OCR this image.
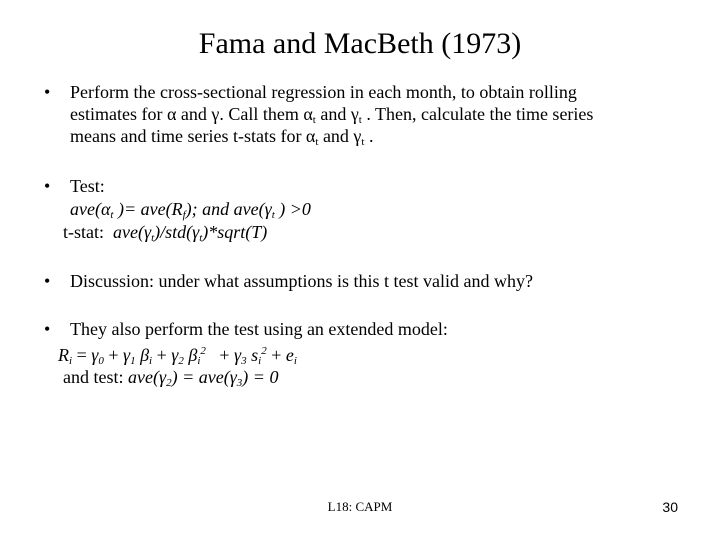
Fama and MacBeth (1973)
• Perform the cross-sectional regression in each month, to obtain rolling
estimates for α and γ. Call them $\alpha_t$ and $\gamma_t$ . Then, calculate the time series
means and time series t-stats for $\alpha_t$ and $\gamma_t$ .
• Test:
$ave(\alpha_t$ )= $ave(R_f)$; and $ave(\gamma_t$ ) >0
t-stat: $ave(\gamma_t)/std(\gamma_t)*sqrt(T)$
• Discussion: under what assumptions is this t test valid and why?
• They also perform the test using an extended model:
$R_i = \gamma_0 + \gamma_1$ $\beta_i + \gamma_2$ $\beta_i^2 + \gamma_3$ $s_i^2 + e_i$
and test: $ave(\gamma_2) = ave(\gamma_3) = 0$
L18: CAPM	30
